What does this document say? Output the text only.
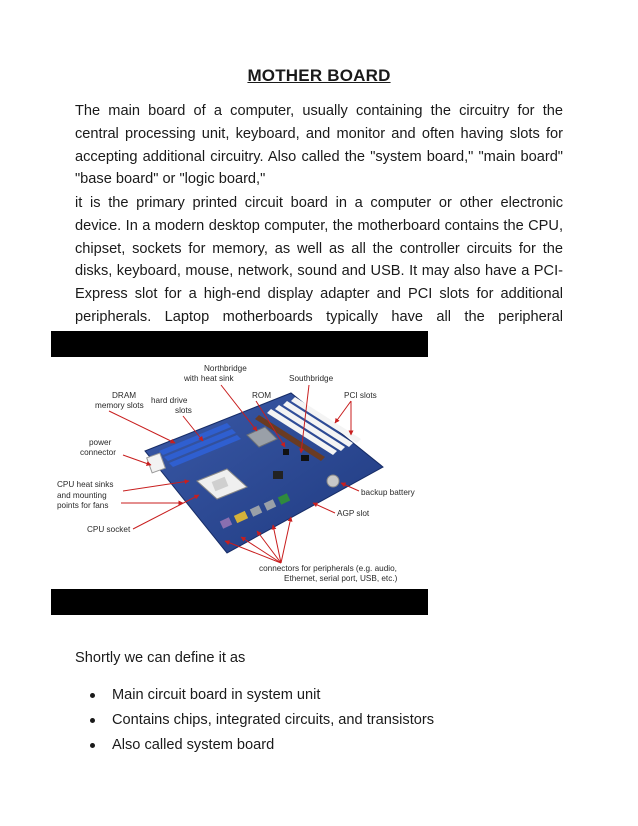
MOTHER BOARD

The main board of a computer, usually containing the circuitry for the central processing unit, keyboard, and monitor and often having slots for accepting additional circuitry. Also called the "system board," "main board" "base board" or "logic board,"

it is the primary printed circuit board in a computer or other electronic device. In a modern desktop computer, the motherboard contains the CPU, chipset, sockets for memory, as well as all the controller circuits for the disks, keyboard, mouse, network, sound and USB. It may also have a PCI-Express slot for a high-end display adapter and PCI slots for additional peripherals. Laptop motherboards typically have all the peripheral

Northbridge
with heat sink	Southbridge
ROM	PCI slots
DRAM
memory slots
hard drive
slots
power
connector
CPU heat sinks
and mounting
points for fans
CPU socket
backup battery
AGP slot
connectors for peripherals (e.g. audio,
Ethernet, serial port, USB, etc.)
Shortly we can define it as
Main circuit board in system unit
Contains chips, integrated circuits, and transistors
Also called system board
